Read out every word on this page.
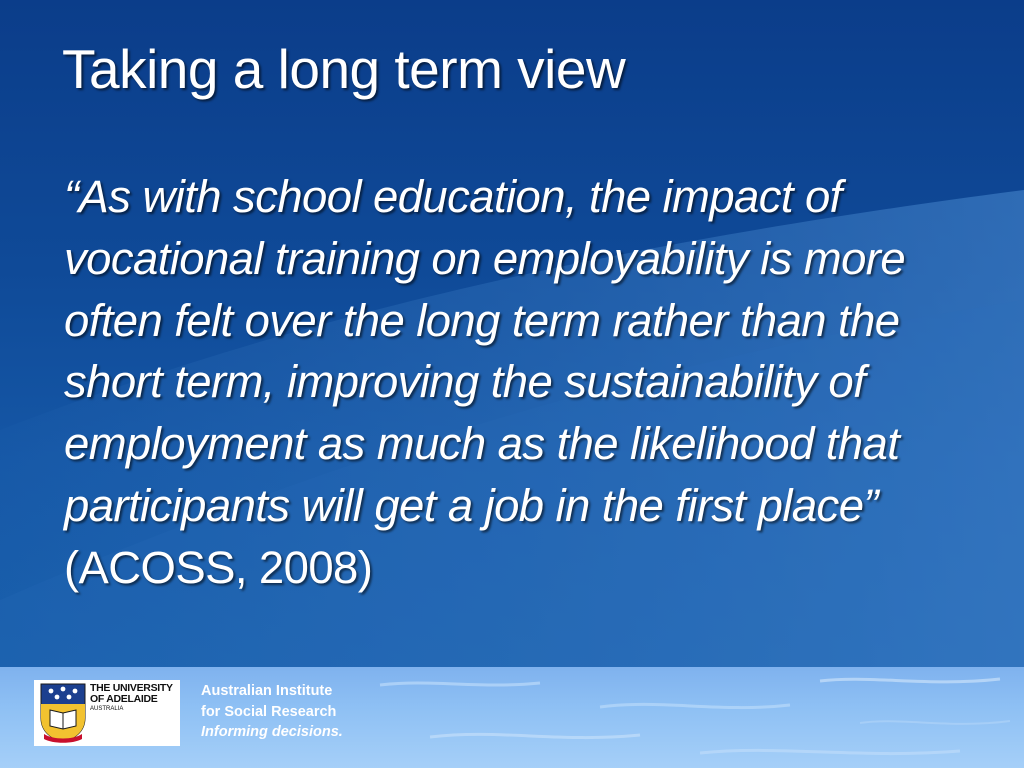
Taking a long term view

“As with school education, the impact of vocational training on employability is more often felt over the long term rather than the short term, improving the sustainability of employment as much as the likelihood that participants will get a job in the first place” (ACOSS, 2008)

THE UNIVERSITY
OF ADELAIDE
AUSTRALIA
Australian Institute
for Social Research
Informing decisions.
